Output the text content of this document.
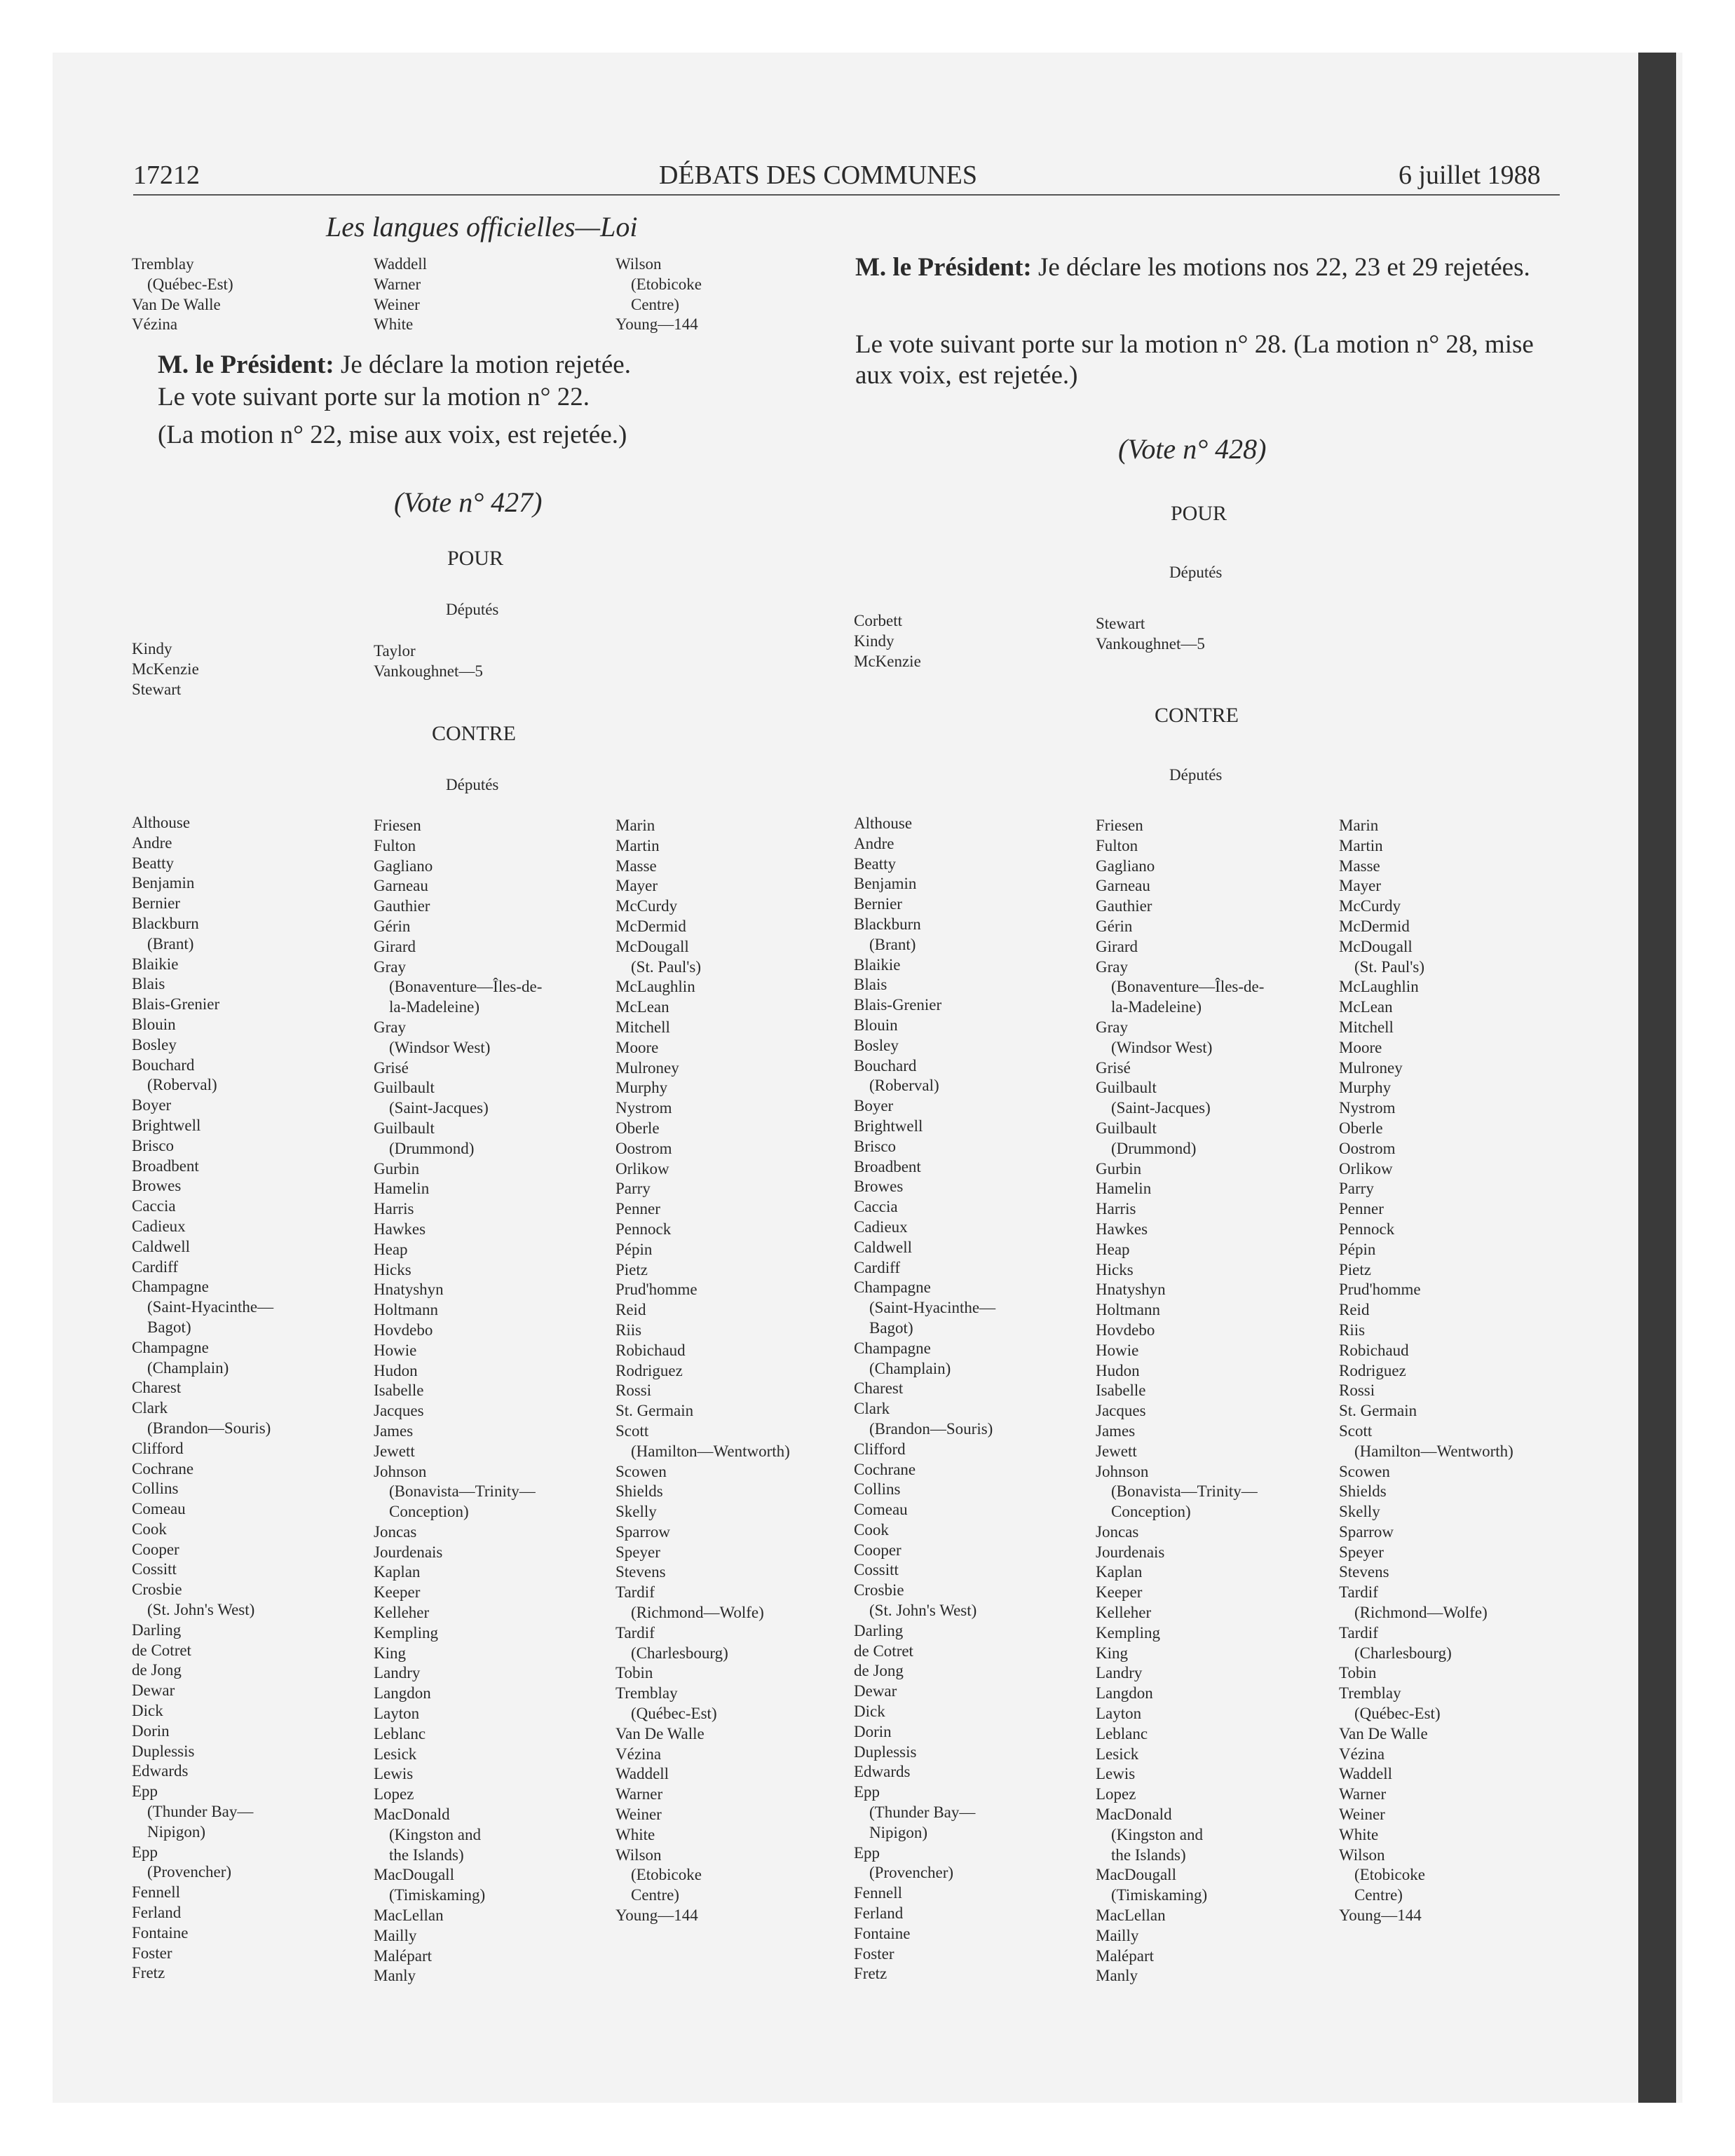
17212	DÉBATS DES COMMUNES	6 juillet 1988
Les langues officielles—Loi
Tremblay
(Québec-Est)
Van De Walle
Vézina
Waddell
Warner
Weiner
White
Wilson
(Etobicoke
Centre)
Young—144
M. le Président: Je déclare la motion rejetée.
Le vote suivant porte sur la motion n° 22.
(La motion n° 22, mise aux voix, est rejetée.)
(Vote n° 427)
POUR
Députés
Kindy
McKenzie
Stewart
Taylor
Vankoughnet—5
CONTRE
Députés
Althouse
Andre
Beatty
Benjamin
Bernier
Blackburn
(Brant)
Blaikie
Blais
Blais-Grenier
Blouin
Bosley
Bouchard
(Roberval)
Boyer
Brightwell
Brisco
Broadbent
Browes
Caccia
Cadieux
Caldwell
Cardiff
Champagne
(Saint-Hyacinthe—
Bagot)
Champagne
(Champlain)
Charest
Clark
(Brandon—Souris)
Clifford
Cochrane
Collins
Comeau
Cook
Cooper
Cossitt
Crosbie
(St. John's West)
Darling
de Cotret
de Jong
Dewar
Dick
Dorin
Duplessis
Edwards
Epp
(Thunder Bay—
Nipigon)
Epp
(Provencher)
Fennell
Ferland
Fontaine
Foster
Fretz
Friesen
Fulton
Gagliano
Garneau
Gauthier
Gérin
Girard
Gray
(Bonaventure—Îles-de-
la-Madeleine)
Gray
(Windsor West)
Grisé
Guilbault
(Saint-Jacques)
Guilbault
(Drummond)
Gurbin
Hamelin
Harris
Hawkes
Heap
Hicks
Hnatyshyn
Holtmann
Hovdebo
Howie
Hudon
Isabelle
Jacques
James
Jewett
Johnson
(Bonavista—Trinity—
Conception)
Joncas
Jourdenais
Kaplan
Keeper
Kelleher
Kempling
King
Landry
Langdon
Layton
Leblanc
Lesick
Lewis
Lopez
MacDonald
(Kingston and
the Islands)
MacDougall
(Timiskaming)
MacLellan
Mailly
Malépart
Manly
Marin
Martin
Masse
Mayer
McCurdy
McDermid
McDougall
(St. Paul's)
McLaughlin
McLean
Mitchell
Moore
Mulroney
Murphy
Nystrom
Oberle
Oostrom
Orlikow
Parry
Penner
Pennock
Pépin
Pietz
Prud'homme
Reid
Riis
Robichaud
Rodriguez
Rossi
St. Germain
Scott
(Hamilton—Wentworth)
Scowen
Shields
Skelly
Sparrow
Speyer
Stevens
Tardif
(Richmond—Wolfe)
Tardif
(Charlesbourg)
Tobin
Tremblay
(Québec-Est)
Van De Walle
Vézina
Waddell
Warner
Weiner
White
Wilson
(Etobicoke
Centre)
Young—144
M. le Président: Je déclare les motions nos 22, 23 et 29 rejetées.
Le vote suivant porte sur la motion n° 28. (La motion n° 28, mise aux voix, est rejetée.)
(Vote n° 428)
POUR
Députés
Corbett
Kindy
McKenzie
Stewart
Vankoughnet—5
CONTRE
Députés
Althouse
Andre
Beatty
Benjamin
Bernier
Blackburn
(Brant)
Blaikie
Blais
Blais-Grenier
Blouin
Bosley
Bouchard
(Roberval)
Boyer
Brightwell
Brisco
Broadbent
Browes
Caccia
Cadieux
Caldwell
Cardiff
Champagne
(Saint-Hyacinthe—
Bagot)
Champagne
(Champlain)
Charest
Clark
(Brandon—Souris)
Clifford
Cochrane
Collins
Comeau
Cook
Cooper
Cossitt
Crosbie
(St. John's West)
Darling
de Cotret
de Jong
Dewar
Dick
Dorin
Duplessis
Edwards
Epp
(Thunder Bay—
Nipigon)
Epp
(Provencher)
Fennell
Ferland
Fontaine
Foster
Fretz
Friesen
Fulton
Gagliano
Garneau
Gauthier
Gérin
Girard
Gray
(Bonaventure—Îles-de-
la-Madeleine)
Gray
(Windsor West)
Grisé
Guilbault
(Saint-Jacques)
Guilbault
(Drummond)
Gurbin
Hamelin
Harris
Hawkes
Heap
Hicks
Hnatyshyn
Holtmann
Hovdebo
Howie
Hudon
Isabelle
Jacques
James
Jewett
Johnson
(Bonavista—Trinity—
Conception)
Joncas
Jourdenais
Kaplan
Keeper
Kelleher
Kempling
King
Landry
Langdon
Layton
Leblanc
Lesick
Lewis
Lopez
MacDonald
(Kingston and
the Islands)
MacDougall
(Timiskaming)
MacLellan
Mailly
Malépart
Manly
Marin
Martin
Masse
Mayer
McCurdy
McDermid
McDougall
(St. Paul's)
McLaughlin
McLean
Mitchell
Moore
Mulroney
Murphy
Nystrom
Oberle
Oostrom
Orlikow
Parry
Penner
Pennock
Pépin
Pietz
Prud'homme
Reid
Riis
Robichaud
Rodriguez
Rossi
St. Germain
Scott
(Hamilton—Wentworth)
Scowen
Shields
Skelly
Sparrow
Speyer
Stevens
Tardif
(Richmond—Wolfe)
Tardif
(Charlesbourg)
Tobin
Tremblay
(Québec-Est)
Van De Walle
Vézina
Waddell
Warner
Weiner
White
Wilson
(Etobicoke
Centre)
Young—144
